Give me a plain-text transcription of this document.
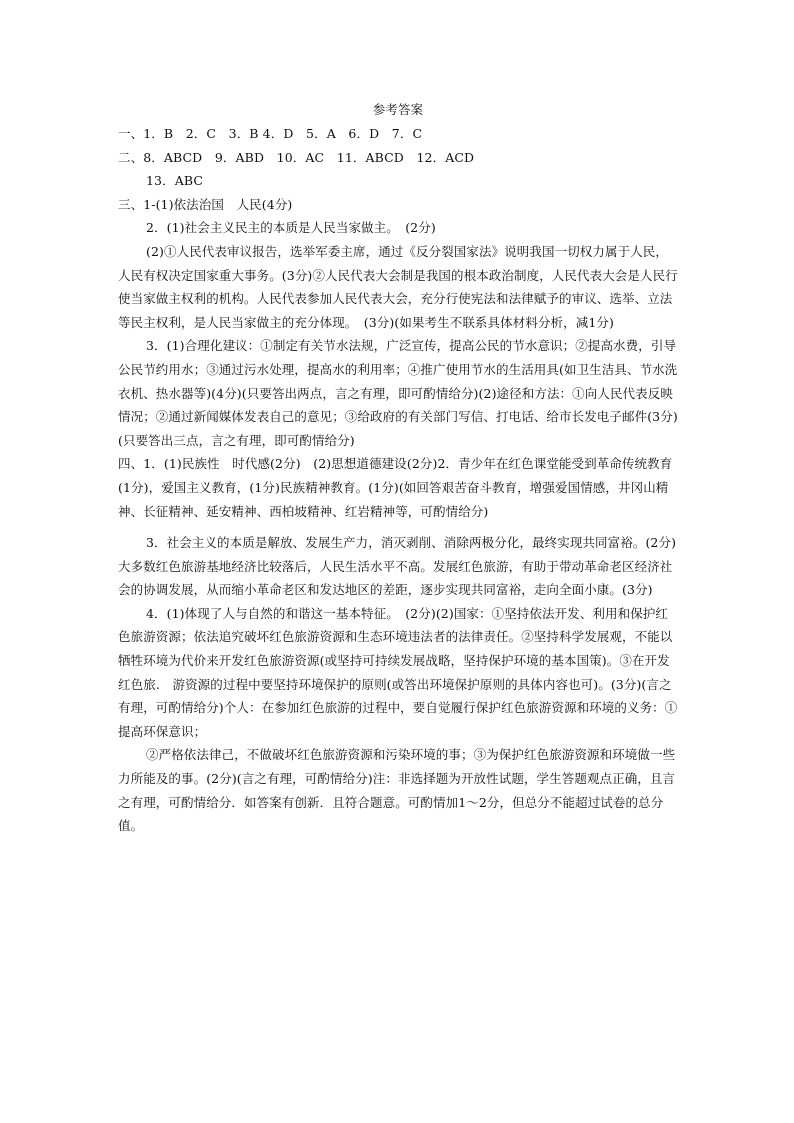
参考答案
一、1．B　2．C　3．B 4．D　5．A　6．D　7．C
二、8．ABCD　9．ABD　10．AC　11．ABCD　12．ACD
13．ABC
三、1-(1)依法治国　人民(4分)
2．(1)社会主义民主的本质是人民当家做主。　(2分)

(2)①人民代表审议报告，选举军委主席，通过《反分裂国家法》说明我国一切权力属于人民，人民有权决定国家重大事务。(3分)②人民代表大会制是我国的根本政治制度，人民代表大会是人民行使当家做主权利的机构。人民代表参加人民代表大会，充分行使宪法和法律赋予的审议、选举、立法等民主权利，是人民当家做主的充分体现。　(3分)(如果考生不联系具体材料分析，减1分)

3．(1)合理化建议：①制定有关节水法规，广泛宣传，提高公民的节水意识；②提高水费，引导公民节约用水；③通过污水处理，提高水的利用率；④推广使用节水的生活用具(如卫生洁具、节水洗衣机、热水器等)(4分)(只要答出两点，言之有理，即可酌情给分)(2)途径和方法：①向人民代表反映情况；②通过新闻媒体发表自己的意见；③给政府的有关部门写信、打电话、给市长发电子邮件(3分)(只要答出三点，言之有理，即可酌情给分)

四、1．(1)民族性　时代感(2分)　(2)思想道德建设(2分)2．青少年在红色课堂能受到革命传统教育(1分)，爱国主义教育，(1分)民族精神教育。(1分)(如回答艰苦奋斗教育，增强爱国情感，井冈山精神、长征精神、延安精神、西柏坡精神、红岩精神等，可酌情给分)

3．社会主义的本质是解放、发展生产力，消灭剥削、消除两极分化，最终实现共同富裕。(2分)大多数红色旅游基地经济比较落后，人民生活水平不高。发展红色旅游，有助于带动革命老区经济社会的协调发展，从而缩小革命老区和发达地区的差距，逐步实现共同富裕，走向全面小康。(3分)

4．(1)体现了人与自然的和谐这一基本特征。　(2分)(2)国家：①坚持依法开发、利用和保护红色旅游资源；依法追究破坏红色旅游资源和生态环境违法者的法律责任。②坚持科学发展观，不能以牺牲环境为代价来开发红色旅游资源(或坚持可持续发展战略，坚持保护环境的基本国策)。③在开发红色旅.　游资源的过程中要坚持环境保护的原则(或答出环境保护原则的具体内容也可)。(3分)(言之有理，可酌情给分)个人：在参加红色旅游的过程中，要自觉履行保护红色旅游资源和环境的义务：①提高环保意识；

②严格依法律己，不做破坏红色旅游资源和污染环境的事；③为保护红色旅游资源和环境做一些力所能及的事。(2分)(言之有理，可酌情给分)注：非选择题为开放性试题，学生答题观点正确，且言之有理，可酌情给分．如答案有创新．且符合题意。可酌情加1～2分，但总分不能超过试卷的总分值。
